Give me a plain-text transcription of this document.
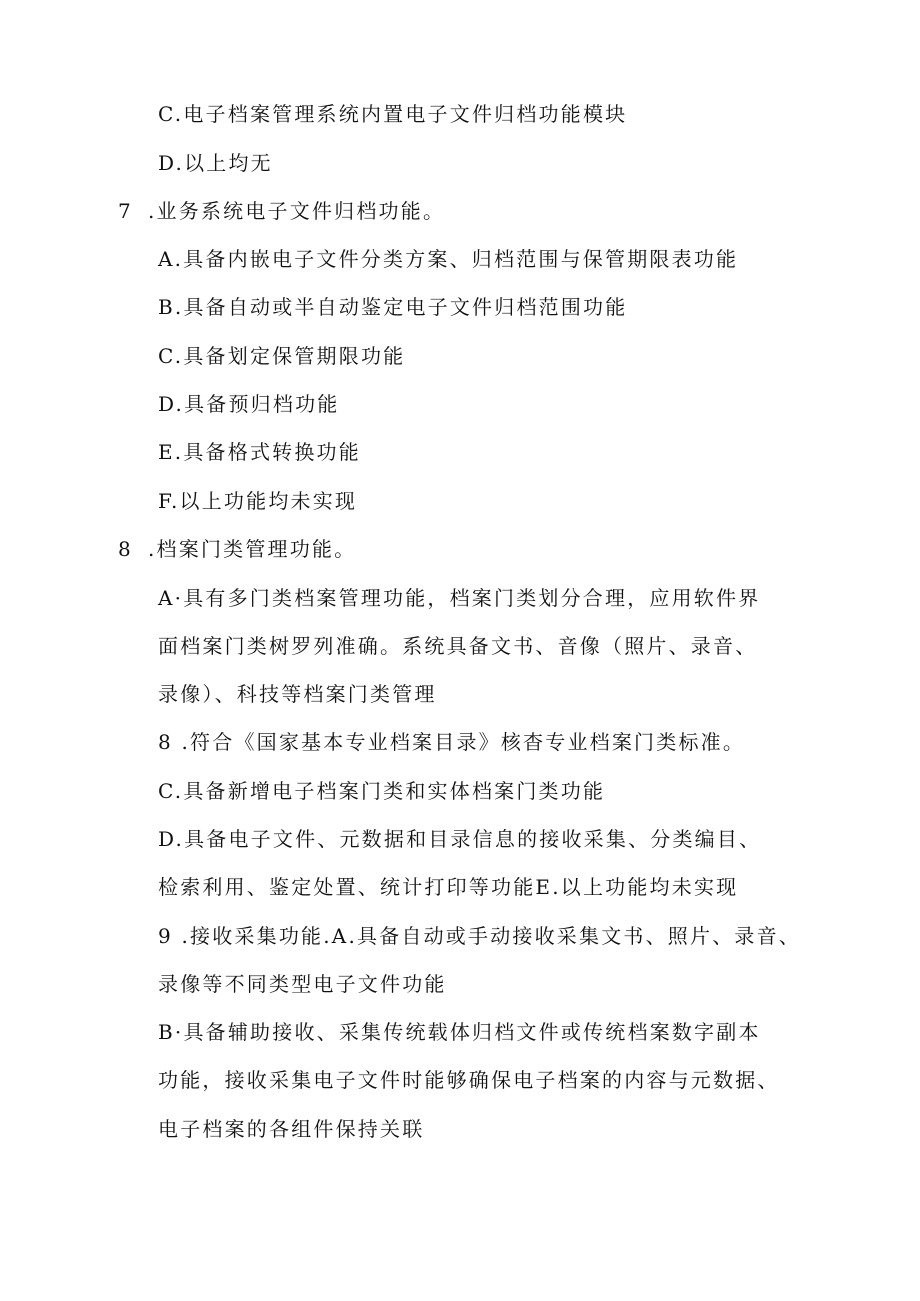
C.电子档案管理系统内置电子文件归档功能模块
D.以上均无
7 .业务系统电子文件归档功能。
A.具备内嵌电子文件分类方案、归档范围与保管期限表功能
B.具备自动或半自动鉴定电子文件归档范围功能
C.具备划定保管期限功能
D.具备预归档功能
E.具备格式转换功能
F.以上功能均未实现
8 .档案门类管理功能。
A·具有多门类档案管理功能，档案门类划分合理，应用软件界
面档案门类树罗列准确。系统具备文书、音像（照片、录音、
录像）、科技等档案门类管理
8 .符合《国家基本专业档案目录》核杳专业档案门类标准。
C.具备新增电子档案门类和实体档案门类功能
D.具备电子文件、元数据和目录信息的接收采集、分类编目、
检索利用、鉴定处置、统计打印等功能E.以上功能均未实现
9 .接收采集功能.A.具备自动或手动接收采集文书、照片、录音、
录像等不同类型电子文件功能
B·具备辅助接收、采集传统载体归档文件或传统档案数字副本
功能，接收采集电子文件时能够确保电子档案的内容与元数据、
电子档案的各组件保持关联
